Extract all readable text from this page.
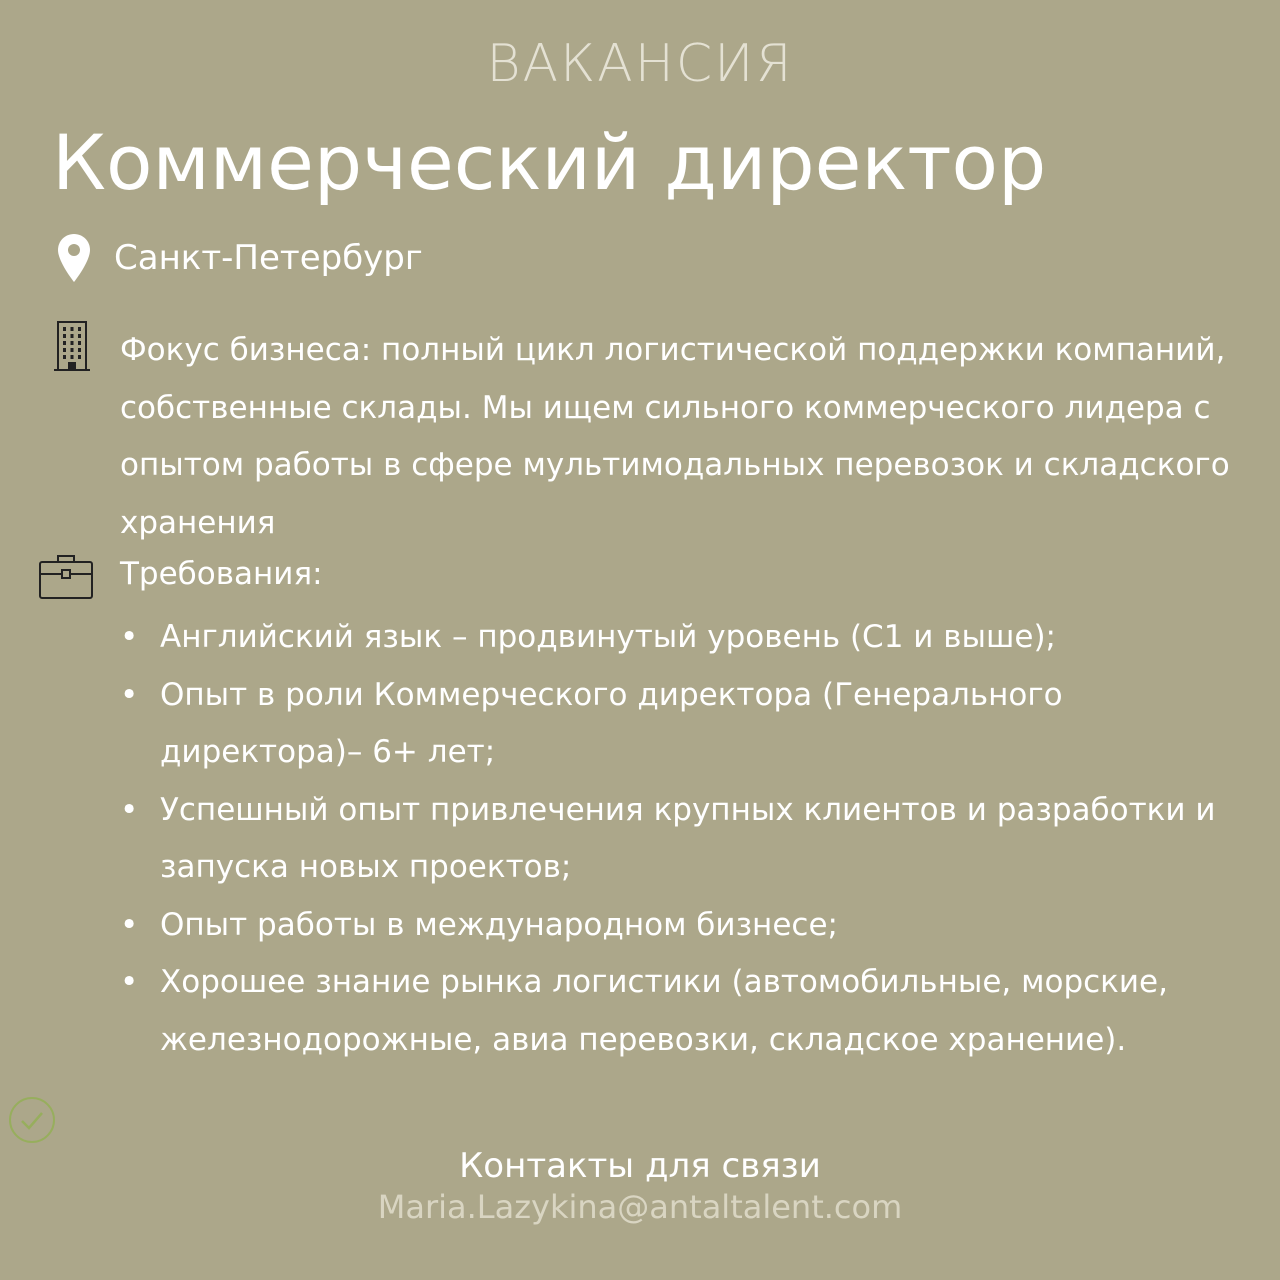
ВАКАНСИЯ
Коммерческий директор
Санкт-Петербург
Фокус бизнеса: полный цикл логистической поддержки компаний, собственные склады. Мы ищем сильного коммерческого лидера с опытом работы в сфере мультимодальных перевозок и складского хранения
Требования:
• Английский язык – продвинутый уровень (С1 и выше);
• Опыт в роли Коммерческого директора (Генерального директора)– 6+ лет;
• Успешный опыт привлечения крупных клиентов и разработки и запуска новых проектов;
• Опыт работы в международном бизнесе;
• Хорошее знание рынка логистики (автомобильные, морские, железнодорожные, авиа перевозки, складское хранение).
Контакты для связи
Maria.Lazykina@antaltalent.com
